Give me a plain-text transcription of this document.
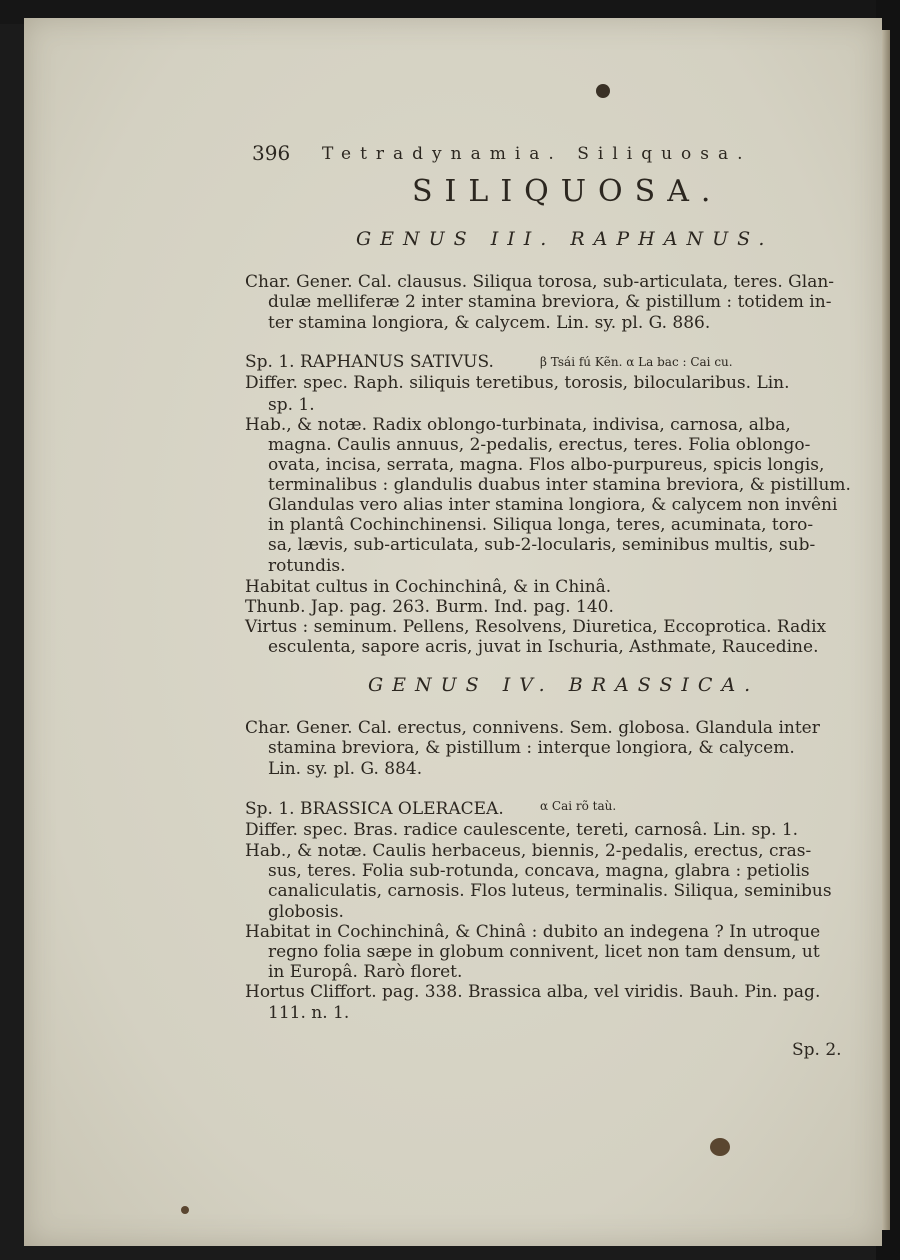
396 Tetradynamia. Siliquosa.
SILIQUOSA.
GENUS III. RAPHANUS.
Char. Gener. Cal. clausus. Siliqua torosa, sub-articulata, teres. Glan-
dulæ melliferæ 2 inter stamina breviora, & pistillum : totidem in-
ter stamina longiora, & calycem. Lin. sy. pl. G. 886.
Sp. 1. RAPHANUS SATIVUS.	β Tsái fú Kẽn. α La bac : Cai cu.
Differ. spec. Raph. siliquis teretibus, torosis, bilocularibus. Lin.
sp. 1.
Hab., & notæ. Radix oblongo-turbinata, indivisa, carnosa, alba,
magna. Caulis annuus, 2-pedalis, erectus, teres. Folia oblongo-
ovata, incisa, serrata, magna. Flos albo-purpureus, spicis longis,
terminalibus : glandulis duabus inter stamina breviora, & pistillum.
Glandulas vero alias inter stamina longiora, & calycem non invêni
in plantâ Cochinchinensi. Siliqua longa, teres, acuminata, toro-
sa, lævis, sub-articulata, sub-2-locularis, seminibus multis, sub-
rotundis.
Habitat cultus in Cochinchinâ, & in Chinâ.
Thunb. Jap. pag. 263. Burm. Ind. pag. 140.
Virtus : seminum. Pellens, Resolvens, Diuretica, Eccoprotica. Radix
esculenta, sapore acris, juvat in Ischuria, Asthmate, Raucedine.
GENUS IV. BRASSICA.
Char. Gener. Cal. erectus, connivens. Sem. globosa. Glandula inter
stamina breviora, & pistillum : interque longiora, & calycem.
Lin. sy. pl. G. 884.
Sp. 1. BRASSICA OLERACEA.	α Cai rõ taù.
Differ. spec. Bras. radice caulescente, tereti, carnosâ. Lin. sp. 1.
Hab., & notæ. Caulis herbaceus, biennis, 2-pedalis, erectus, cras-
sus, teres. Folia sub-rotunda, concava, magna, glabra : petiolis
canaliculatis, carnosis. Flos luteus, terminalis. Siliqua, seminibus
globosis.
Habitat in Cochinchinâ, & Chinâ : dubito an indegena ? In utroque
regno folia sæpe in globum connivent, licet non tam densum, ut
in Europâ. Rarò floret.
Hortus Cliffort. pag. 338. Brassica alba, vel viridis. Bauh. Pin. pag.
111. n. 1.
Sp. 2.
